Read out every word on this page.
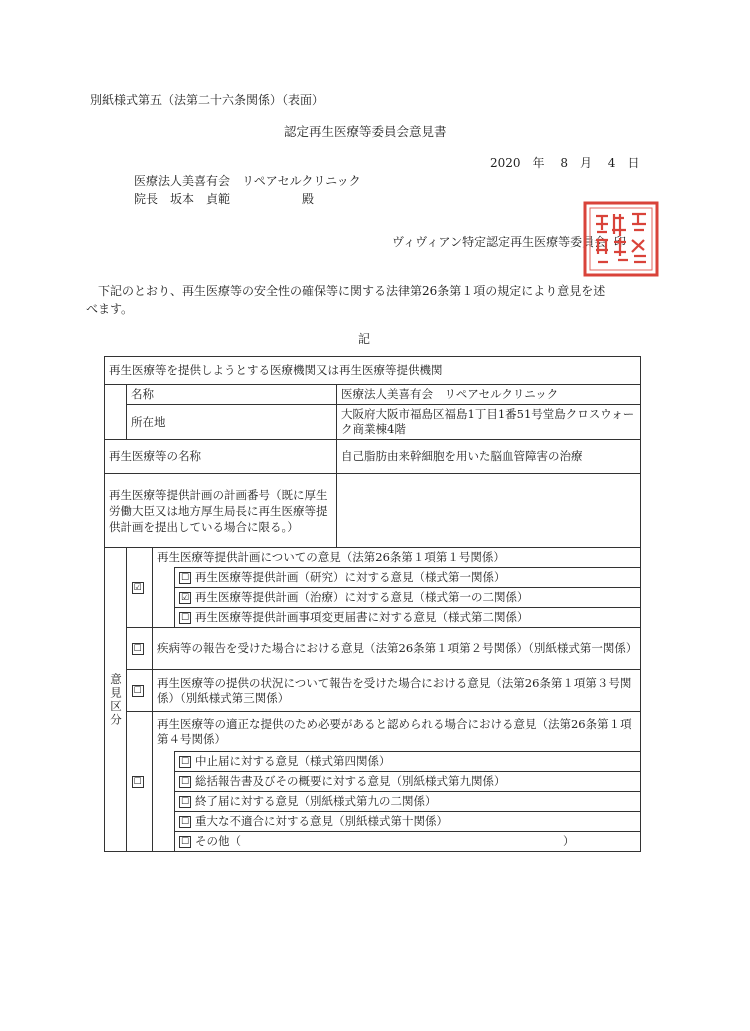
別紙様式第五（法第二十六条関係）（表面）
認定再生医療等委員会意見書
2020　年　 8　月　 4　日
医療法人美喜有会　リペアセルクリニック
院長　坂本　貞範　　　　　　殿
ヴィヴィアン特定認定再生医療等委員会 印
下記のとおり、再生医療等の安全性の確保等に関する法律第26条第１項の規定により意見を述
べます。
記
再生医療等を提供しようとする医療機関又は再生医療等提供機関				
	名称			医療法人美喜有会　リペアセルクリニック
	所在地			大阪府大阪市福島区福島1丁目1番51号堂島クロスウォーク商業棟4階
再生医療等の名称				自己脂肪由来幹細胞を用いた脳血管障害の治療
再生医療等提供計画の計画番号（既に厚生労働大臣又は地方厚生局長に再生医療等提供計画を提出している場合に限る。）				
意見区分	☑	再生医療等提供計画についての意見（法第26条第１項第１号関係）		
			☐ 再生医療等提供計画（研究）に対する意見（様式第一関係）	
			☑ 再生医療等提供計画（治療）に対する意見（様式第一の二関係）	
			☐ 再生医療等提供計画事項変更届書に対する意見（様式第二関係）	
	☐	疾病等の報告を受けた場合における意見（法第26条第１項第２号関係）（別紙様式第一関係）		
	☐	再生医療等の提供の状況について報告を受けた場合における意見（法第26条第１項第３号関係）（別紙様式第三関係）		
	☐	再生医療等の適正な提供のため必要があると認められる場合における意見（法第26条第１項第４号関係）		
			☐ 中止届に対する意見（様式第四関係）	
			☐ 総括報告書及びその概要に対する意見（別紙様式第九関係）	
			☐ 終了届に対する意見（別紙様式第九の二関係）	
			☐ 重大な不適合に対する意見（別紙様式第十関係）	
			☐ その他（　　　　　　　　　　　　　　　　　　　　　　　　　　　　）	
